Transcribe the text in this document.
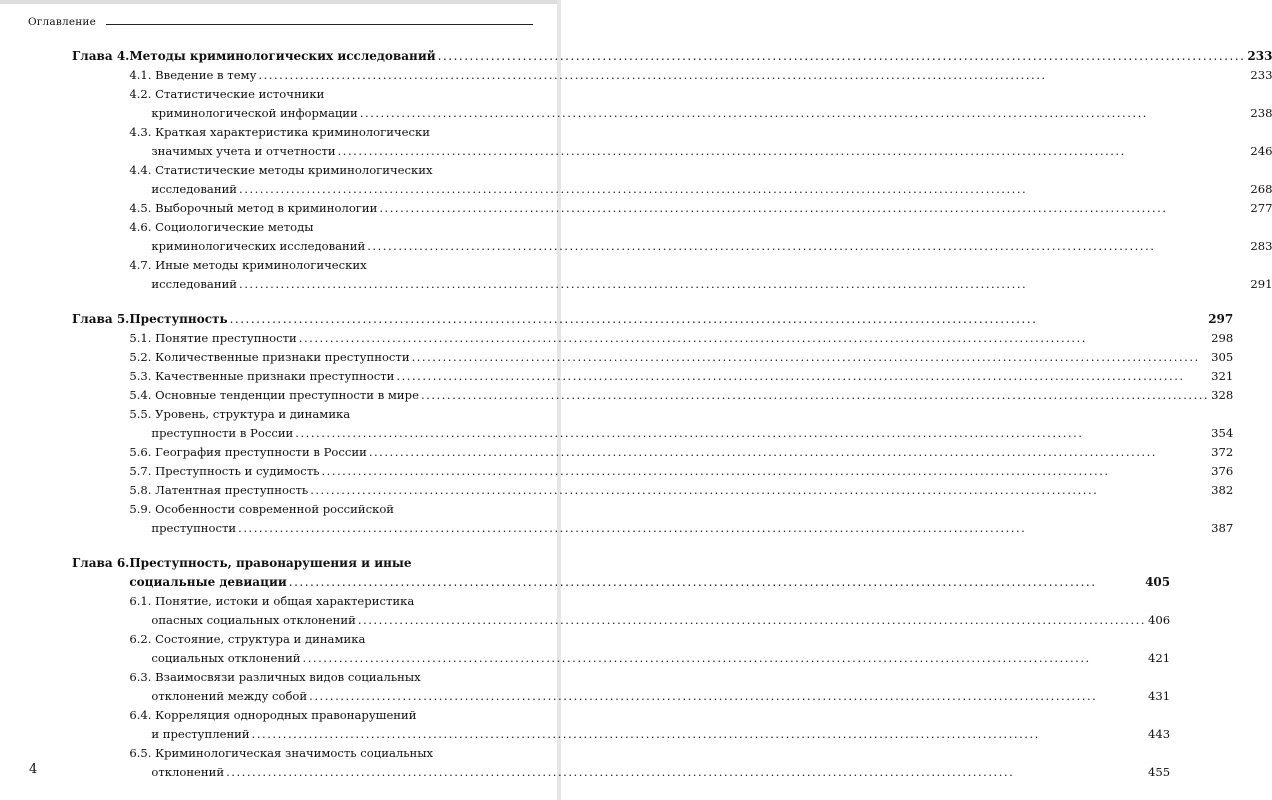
Оглавление
Глава 4. Методы криминологических исследований .....	233
4.1. Введение в тему .....	233
4.2. Статистические источники
криминологической информации .....	238
4.3. Краткая характеристика криминологически
значимых учета и отчетности .....	246
4.4. Статистические методы криминологических
исследований .....	268
4.5. Выборочный метод в криминологии .....	277
4.6. Социологические методы
криминологических исследований .....	283
4.7. Иные методы криминологических
исследований .....	291
Глава 5. Преступность .....	297
5.1. Понятие преступности .....	298
5.2. Количественные признаки преступности .....	305
5.3. Качественные признаки преступности .....	321
5.4. Основные тенденции преступности в мире .....	328
5.5. Уровень, структура и динамика
преступности в России .....	354
5.6. География преступности в России .....	372
5.7. Преступность и судимость .....	376
5.8. Латентная преступность .....	382
5.9. Особенности современной российской
преступности .....	387
Глава 6. Преступность, правонарушения и иные
социальные девиации .....	405
6.1. Понятие, истоки и общая характеристика
опасных социальных отклонений .....	406
6.2. Состояние, структура и динамика
социальных отклонений .....	421
6.3. Взаимосвязи различных видов социальных
отклонений между собой .....	431
6.4. Корреляция однородных правонарушений
и преступлений .....	443
6.5. Криминологическая значимость социальных
отклонений .....	455
4
